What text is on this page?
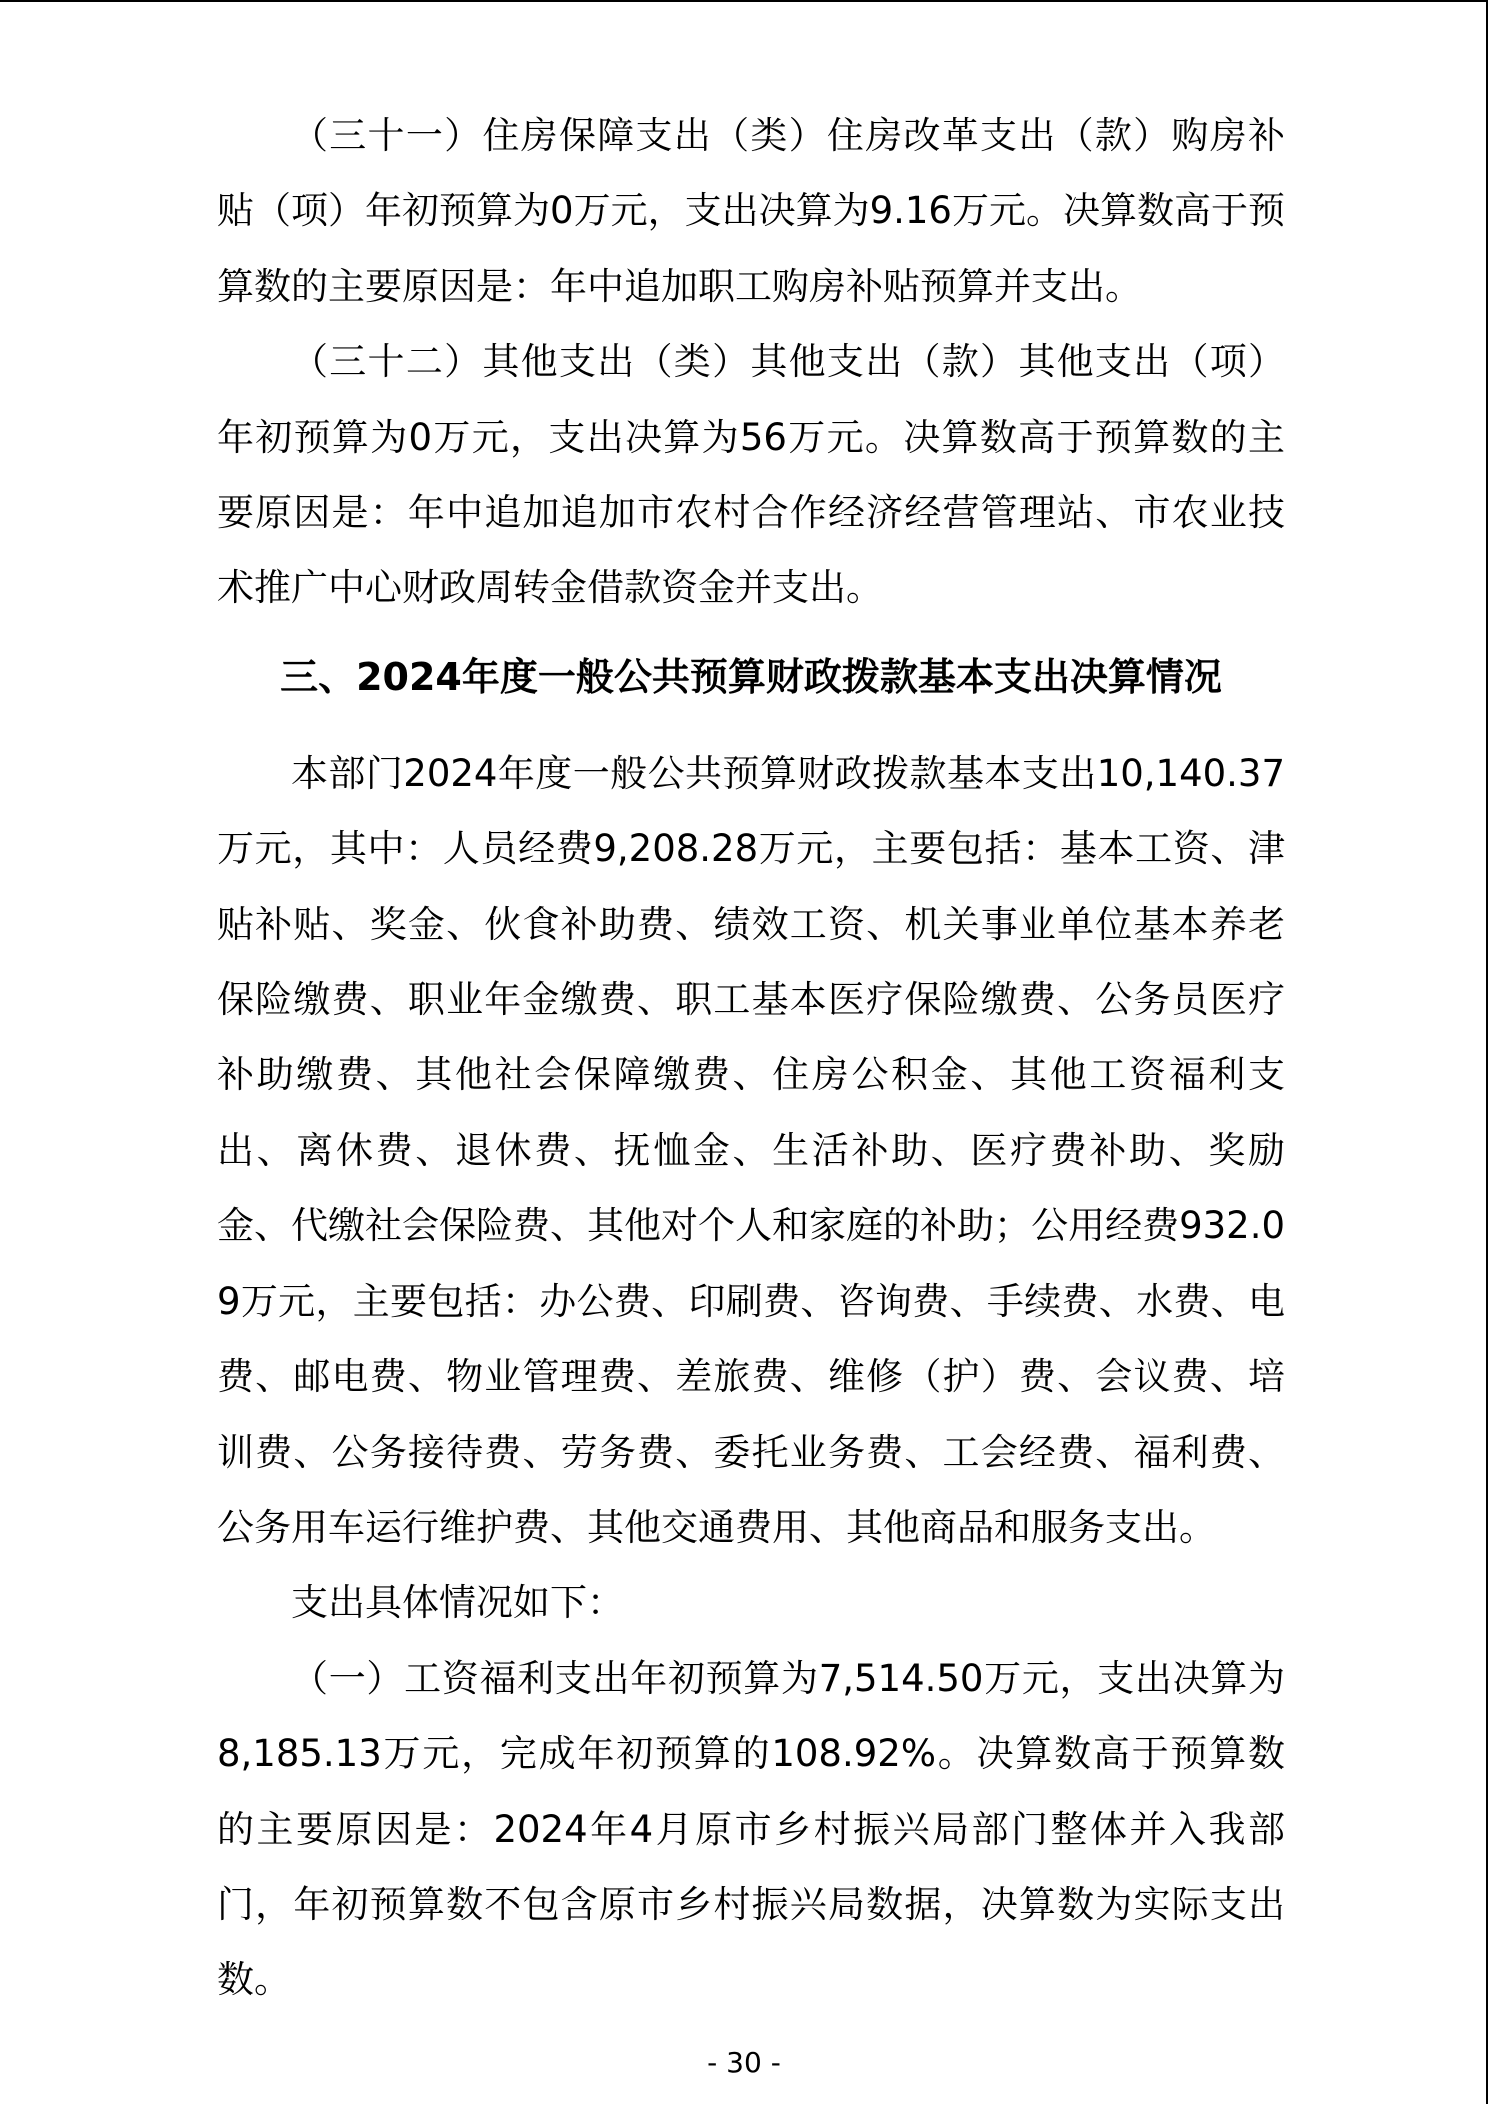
（三十一）住房保障支出（类）住房改革支出（款）购房补贴（项）年初预算为0万元，支出决算为9.16万元。决算数高于预算数的主要原因是：年中追加职工购房补贴预算并支出。

（三十二）其他支出（类）其他支出（款）其他支出（项）年初预算为0万元，支出决算为56万元。决算数高于预算数的主要原因是：年中追加追加市农村合作经济经营管理站、市农业技术推广中心财政周转金借款资金并支出。

三、2024年度一般公共预算财政拨款基本支出决算情况

本部门2024年度一般公共预算财政拨款基本支出10,140.37万元，其中：人员经费9,208.28万元，主要包括：基本工资、津贴补贴、奖金、伙食补助费、绩效工资、机关事业单位基本养老保险缴费、职业年金缴费、职工基本医疗保险缴费、公务员医疗补助缴费、其他社会保障缴费、住房公积金、其他工资福利支出、离休费、退休费、抚恤金、生活补助、医疗费补助、奖励金、代缴社会保险费、其他对个人和家庭的补助；公用经费932.09万元，主要包括：办公费、印刷费、咨询费、手续费、水费、电费、邮电费、物业管理费、差旅费、维修（护）费、会议费、培训费、公务接待费、劳务费、委托业务费、工会经费、福利费、公务用车运行维护费、其他交通费用、其他商品和服务支出。

支出具体情况如下：

（一）工资福利支出年初预算为7,514.50万元，支出决算为8,185.13万元，完成年初预算的108.92%。决算数高于预算数的主要原因是：2024年4月原市乡村振兴局部门整体并入我部门，年初预算数不包含原市乡村振兴局数据，决算数为实际支出数。

- 30 -
